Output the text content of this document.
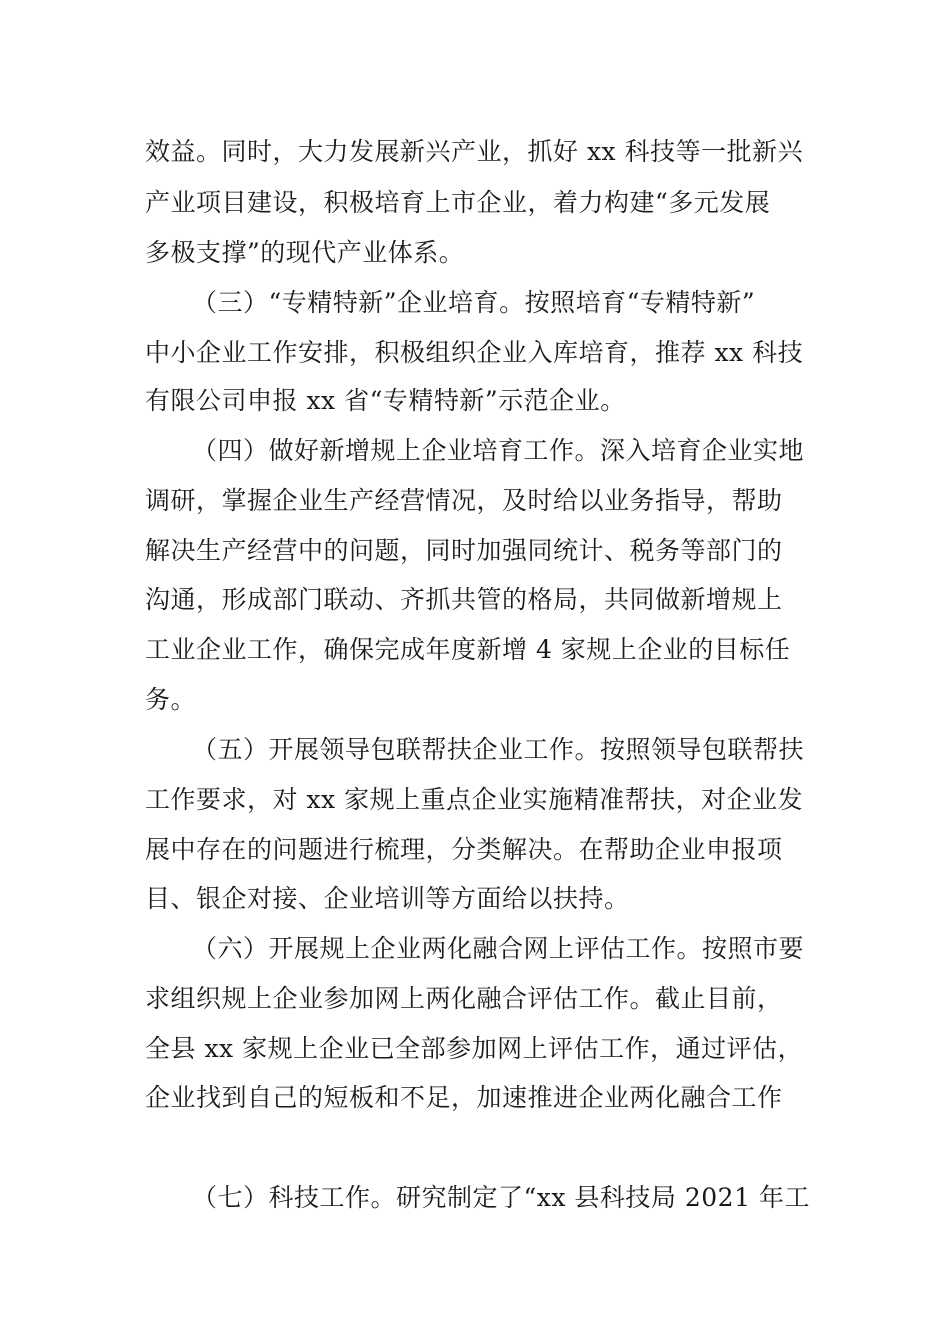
效益。同时，大力发展新兴产业，抓好 xx 科技等一批新兴
产业项目建设，积极培育上市企业，着力构建“多元发展
多极支撑”的现代产业体系。
（三）“专精特新”企业培育。按照培育“专精特新”
中小企业工作安排，积极组织企业入库培育，推荐 xx 科技
有限公司申报 xx 省“专精特新”示范企业。
（四）做好新增规上企业培育工作。深入培育企业实地
调研，掌握企业生产经营情况，及时给以业务指导，帮助
解决生产经营中的问题，同时加强同统计、税务等部门的
沟通，形成部门联动、齐抓共管的格局，共同做新增规上
工业企业工作，确保完成年度新增 4 家规上企业的目标任
务。
（五）开展领导包联帮扶企业工作。按照领导包联帮扶
工作要求，对 xx 家规上重点企业实施精准帮扶，对企业发
展中存在的问题进行梳理，分类解决。在帮助企业申报项
目、银企对接、企业培训等方面给以扶持。
（六）开展规上企业两化融合网上评估工作。按照市要
求组织规上企业参加网上两化融合评估工作。截止目前，
全县 xx 家规上企业已全部参加网上评估工作，通过评估，
企业找到自己的短板和不足，加速推进企业两化融合工作
（七）科技工作。研究制定了“xx 县科技局 2021 年工
